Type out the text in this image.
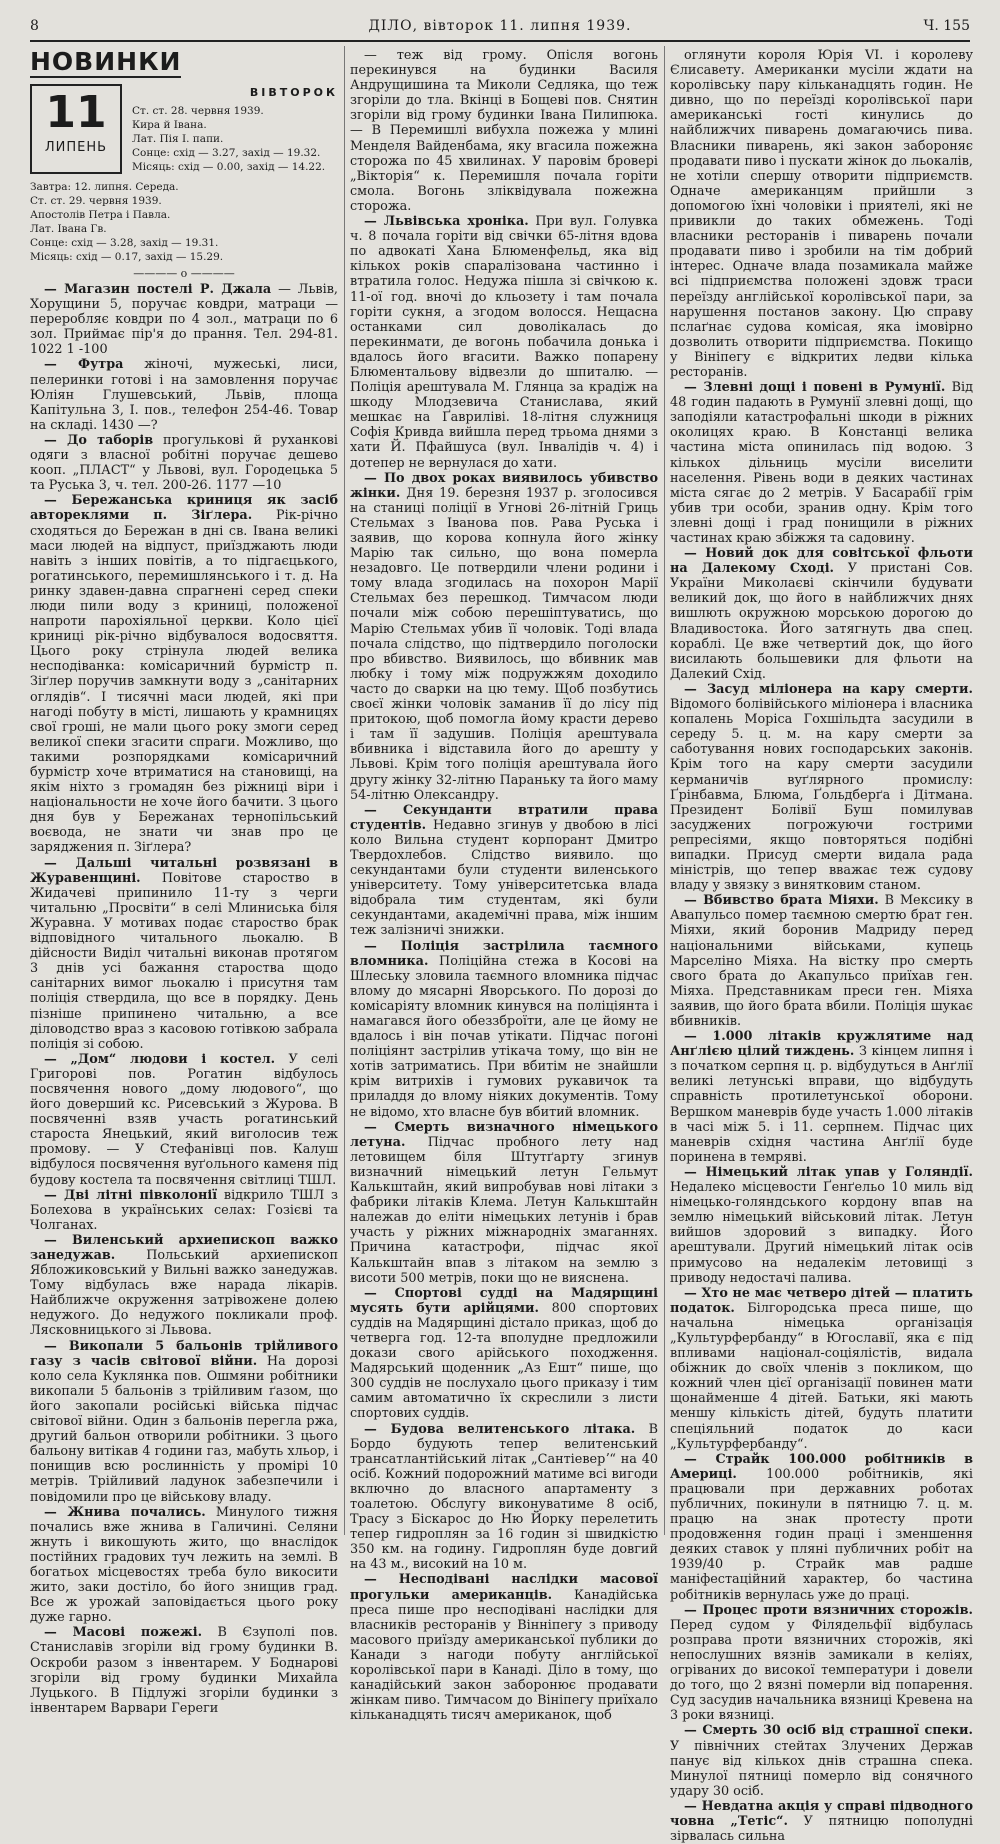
8	ДІЛО, вівторок 11. липня 1939.	Ч. 155
НОВИНКИ
11
ЛИПЕНЬ
ВІВТОРОК
Ст. ст. 28. червня 1939.
Кира й Івана.
Лат. Пія І. папи.
Сонце: схід — 3.27, захід — 19.32.
Місяць: схід — 0.00, захід — 14.22.
Завтра: 12. липня. Середа.
Ст. ст. 29. червня 1939.
Апостолів Петра і Павла.
Лат. Івана Гв.
Сонце: схід — 3.28, захід — 19.31.
Місяць: схід — 0.17, захід — 15.29.
———— о ————

— Магазин постелі Р. Джала — Львів, Хорущини 5, поручає ковдри, матраци — переробляє ковдри по 4 зол., матраци по 6 зол. Приймає пір'я до прання. Тел. 294-81. 1022 1 -100

— Футра жіночі, мужеські, лиси, пелеринки готові і на замовлення поручає Юліян Глушевський, Львів, площа Капітульна 3, I. пов., телефон 254-46. Товар на складі. 1430 —?

— До таборів прогулькові й руханкові одяги з власної робітні поручає дешево кооп. „ПЛАСТ“ у Львові, вул. Городецька 5 та Руська 3, ч. тел. 200-26. 1177 —10

— Бережанська криниця як засіб автореклями п. Зіґлера. Рік-річно сходяться до Бережан в дні св. Івана великі маси людей на відпуст, приїзджають люди навіть з інших повітів, а то підгаєцького, рогатинського, перемишлянського і т. д. На ринку здавен-давна спрагнені серед спеки люди пили воду з криниці, положеної напроти парохіяльної церкви. Коло цієї криниці рік-річно відбувалося водосвяття. Цього року стрінула людей велика несподіванка: комісаричний бурмістр п. Зіґлер поручив замкнути воду з „санітарних оглядів“. І тисячні маси людей, які при нагоді побуту в місті, лишають у крамницях свої гроші, не мали цього року змоги серед великої спеки згасити спраги. Можливо, що такими розпорядками комісаричний бурмістр хоче втриматися на становищі, на якім ніхто з громадян без ріжниці віри і національности не хоче його бачити. З цього дня був у Бережанах тернопільський воєвода, не знати чи знав про це заряджения п. Зіґлера?

— Дальші читальні розвязані в Журавенщині. Повітове староство в Жидачеві припинило 11-ту з черги читальню „Просвіти“ в селі Млиниська біля Журавна. У мотивах подає староство брак відповідного читального льокалю. В дійсности Виділ читальні виконав протягом 3 днів усі бажання староства щодо санітарних вимог льокалю і присутня там поліція ствердила, що все в порядку. День пізніше припинено читальню, а все діловодство враз з касовою готівкою забрала поліція зі собою.

— „Дом“ людови і костел. У селі Григорові пов. Рогатин відбулось посвячення нового „дому людового“, що його доверший кс. Рисевський з Журова. В посвяченні взяв участь рогатинський староста Янецький, який виголосив теж промову. — У Стефанівці пов. Калуш відбулося посвячення вуґольного каменя під будову костела та посвячення світлиці ТШЛ.

— Дві літні півколонії відкрило ТШЛ з Болехова в українських селах: Гозієві та Чолганах.

— Виленський архиепископ важко занедужав. Польський архиепископ Ябложиковський у Вильні важко занедужав. Тому відбулась вже нарада лікарів. Найближче окруження затрівожене долею недужого. До недужого покликали проф. Лясковницького зі Львова.

— Викопали 5 бальонів трійливого газу з часів світової війни. На дорозі коло села Куклянка пов. Ошмяни робітники викопали 5 бальонів з трійливим ґазом, що його закопали російські війська підчас світової війни. Один з бальонів перегла ржа, другий бальон отворили робітники. З цього бальону витікав 4 години газ, мабуть хльор, і понищив всю рослинність у промірі 10 метрів. Трійливий ладунок забезпечили і повідомили про це військову владу.

— Жнива почались. Минулого тижня почались вже жнива в Галичині. Селяни жнуть і викошують жито, що внаслідок постійних градових туч лежить на землі. В богатьох місцевостях треба було викосити жито, заки достіло, бо його знищив град. Все ж урожай заповідається цього року дуже гарно.

— Масові пожежі. В Єзуполі пов. Станиславів згоріли від грому будинки В. Оскроби разом з інвентарем. У Боднарові згоріли від грому будинки Михайла Луцького. В Підлужі згоріли будинки з інвентарем Варвари Гереги

— теж від грому. Опісля вогонь перекинувся на будинки Василя Андрущишина та Миколи Седляка, що теж згоріли до тла. Вкінці в Бощеві пов. Снятин згоріли від грому будинки Івана Пилипюка. — В Перемишлі вибухла пожежа у млині Менделя Вайденбама, яку вгасила пожежна сторожа по 45 хвилинах. У паровім бровері „Вікторія“ к. Перемишля почала горіти смола. Вогонь зліквідувала пожежна сторожа.

— Львівська хроніка. При вул. Голувка ч. 8 почала горіти від свічки 65-літня вдова по адвокаті Хана Блюменфельд, яка від кількох років спаралізована частинно і втратила голос. Недужа пішла зі свічкою к. 11-ої год. вночі до кльозету і там почала горіти сукня, а згодом волосся. Нещасна останками сил доволікалась до перекинмати, де вогонь побачила донька і вдалось його вгасити. Важко попарену Блюментальову відвезли до шпиталю. — Поліція арештувала М. Глянца за крадіж на шкоду Млодзевича Станислава, який мешкає на Ґавриліві. 18-літня служниця Софія Кривда вийшла перед трьома днями з хати Й. Пфайшуса (вул. Інвалідів ч. 4) і дотепер не вернулася до хати.

— По двох роках виявилось убивство жінки. Дня 19. березня 1937 р. зголосився на станиці поліції в Угнові 26-літній Гриць Стельмах з Іванова пов. Рава Руська і заявив, що корова копнула його жінку Марію так сильно, що вона померла незадовго. Це потвердили члени родини і тому влада згодилась на похорон Марії Стельмах без перешкод. Тимчасом люди почали між собою перешіптуватись, що Марію Стельмах убив її чоловік. Тоді влада почала слідство, що підтвердило поголоски про вбивство. Виявилось, що вбивник мав любку і тому між подружжям доходило часто до сварки на цю тему. Щоб позбутись своєї жінки чоловік заманив її до лісу під притокою, щоб помогла йому красти дерево і там її задушив. Поліція арештувала вбивника і відставила його до арешту у Львові. Крім того поліція арештувала його другу жінку 32-літню Параньку та його маму 54-літню Олександру.

— Секунданти втратили права студентів. Недавно згинув у двобою в лісі коло Вильна студент корпорант Дмитро Твердохлебов. Слідство виявило. що секундантами були студенти виленського університету. Тому університетська влада відобрала тим студентам, які були секундантами, академічні права, між іншим теж залізничі знижки.

— Поліція застрілила таємного вломника. Поліційна стежа в Косові на Шлеську зловила таємного вломника підчас вломy до мясарні Яворського. По дорозі до комісаріяту вломник кинувся на поліціянта і намагався його обеззброїти, але це йому не вдалось і він почав утікати. Підчас погоні поліціянт застрілив утікача тому, що він не хотів затриматись. При вбитім не знайшли крім витрихів і гумових рукавичок та приладдя до вломy ніяких документів. Тому не відомо, хто власне був вбитий вломник.

— Смерть визначного німецького летуна. Підчас пробного лету над летовищем біля Штутґарту згинув визначний німецький летун Гельмут Калькштайн, який випробував нові літаки з фабрики літаків Клема. Летун Калькштайн належав до еліти німецьких летунів і брав участь у ріжних міжнародніх змаганнях. Причина катастрофи, підчас якої Калькштайн впав з літаком на землю з висоти 500 метрів, поки що не вияснена.

— Спортові судді на Мадярщині мусять бути арійцями. 800 спортових суддів на Мадярщині дістало приказ, щоб до четверга год. 12-та вполудне предложили докази свого арійського походження. Мадярський щоденник „Аз Ешт“ пише, що 300 суддів не послухало цього приказу і тим самим автоматично їх скреслили з листи спортових суддів.

— Будова велитенського літака. В Бордо будують тепер велитенський трансатлантійський літак „Сантіеверʼ“ на 40 осіб. Кожний подорожний матиме всі вигоди включно до власного апартаменту з тоалетою. Обслугу виконуватиме 8 осіб, Трасу з Біскарос до Ню Йорку перелетить тепер гидроплян за 16 годин зі швидкістю 350 км. на годину. Гидроплян буде довгий на 43 м., високий на 10 м.

— Несподівані наслідки масової прогульки американців. Канадійська преса пише про несподівані наслідки для власників ресторанів у Вінніпегу з приводу масового приїзду американської публики до Канади з нагоди побуту англійської королівської пари в Канаді. Діло в тому, що канадійський закон заборонює продавати жінкам пиво. Тимчасом до Вініпегу приїхало кільканадцять тисяч американок, щоб

оглянути короля Юрія VI. і королеву Єлисавету. Американки мусіли ждати на королівську пару кільканадцять годин. Не дивно, що по переїзді королівської пари американські гості кинулись до найближчих пиварень домагаючись пива. Власники пиварень, які закон забороняє продавати пиво і пускати жінок до льокалів, не хотіли спершу отворити підприємств. Одначе американцям прийшли з допомогою їхні чоловіки і приятелі, які не привикли до таких обмежень. Тоді власники ресторанів і пиварень почали продавати пиво і зробили на тім добрий інтерес. Одначе влада позамикала майже всі підприємства положені здовж траси переїзду англійської королівської пари, за нарушення постанов закону. Цю справу пслаґнає судова комісая, яка імовірно дозволить отворити підприємства. Покищо у Вініпегу є відкритих ледви кілька ресторанів.

— Злевні дощі і повені в Румунії. Від 48 годин падають в Румунії злевні дощі, що заподіяли катастрофальні шкоди в ріжних околицях краю. В Констанці велика частина міста опинилась під водою. З кількох дільниць мусіли виселити населення. Рівень води в деяких частинах міста сягає до 2 метрів. У Басарабії грім убив три особи, зранив одну. Крім того злевні дощі і град понищили в ріжних частинах краю збіжжя та садовину.

— Новий док для совітської фльоти на Далекому Сході. У пристані Сов. України Миколаєві скінчили будувати великий док, що його в найближчих днях вишлють окружною морською дорогою до Владивостока. Його затягнуть два спец. кораблі. Це вже четвертий док, що його висилають большевики для фльоти на Далекий Схід.

— Засуд міліонера на кару смерти. Відомого болівійського міліонера і власника копалень Моріса Гохшільдта засудили в середу 5. ц. м. на кару смерти за саботування нових господарських законів. Крім того на кару смерти засудили керманичів вуґлярного промислу: Ґрінбавма, Блюма, Ґольдберґа і Дітмана. Президент Болівії Буш помилував засуджених погрожуючи гострими репресіями, якщо повторяться подібні випадки. Присуд смерти видала рада міністрів, що тепер вважає теж судову владу у звязку з винятковим станом.

— Вбивство брата Міяхи. В Мексику в Авапульсо помер таємною смертю брат ген. Міяхи, який боронив Мадриду перед національними військами, купець Марселіно Міяха. На вістку про смерть свого брата до Акапульсо приїхав ген. Міяха. Представникам преси ген. Міяха заявив, що його брата вбили. Поліція шукає вбивників.

— 1.000 літаків кружлятиме над Анґлією цілий тиждень. З кінцем липня і з початком серпня ц. р. відбудуться в Анґлії великі летунські вправи, що відбудуть справність протилетунської оборони. Вершком маневрів буде участь 1.000 літаків в часі між 5. і 11. серпнем. Підчас цих маневрів східня частина Анґлії буде поринена в темряві.

— Німецький літак упав у Голяндії. Недалеко місцевости Ґенґельо 10 миль від німецько-голяндського кордону впав на землю німецький військовий літак. Летун вийшов здоровий з випадку. Його арештували. Другий німецький літак осів примусово на недалекім летовищі з приводу недостачі палива.

— Хто не має четверо дітей — платить податок. Білгородська преса пише, що начальна німецька організація „Культурфербанду“ в Югославії, яка є під впливами націонал-соціялістів, видала обіжник до своїх членів з покликом, що кожний член цієї організації повинен мати щонайменше 4 дітей. Батьки, які мають меншу кількість дітей, будуть платити спеціяльний податок до каси „Культурфербанду“.

— Страйк 100.000 робітників в Америці. 100.000 робітників, які працювали при державних роботах публичних, покинули в пятницю 7. ц. м. працю на знак протесту проти продовження годин праці і зменшення деяких ставок у пляні публичних робіт на 1939/40 р. Страйк мав радше маніфестаційний характер, бо частина робітників вернулась уже до праці.

— Процес проти вязничних сторожів. Перед судом у Філядельфії відбулась розправа проти вязничних сторожів, які непослушних вязнів замикали в келіях, огріваних до високої температури і довели до того, що 2 вязні померли від попарення. Суд засудив начальника вязниці Кревена на 3 роки вязниці.

— Смерть 30 осіб від страшної спеки. У північних стейтах Злучених Держав панує від кількох днів страшна спека. Минулої пятниці померло від сонячного удару 30 осіб.

— Невдатна акція у справі підводного човна „Тетіс“. У пятницю пополудні зірвалась сильна
